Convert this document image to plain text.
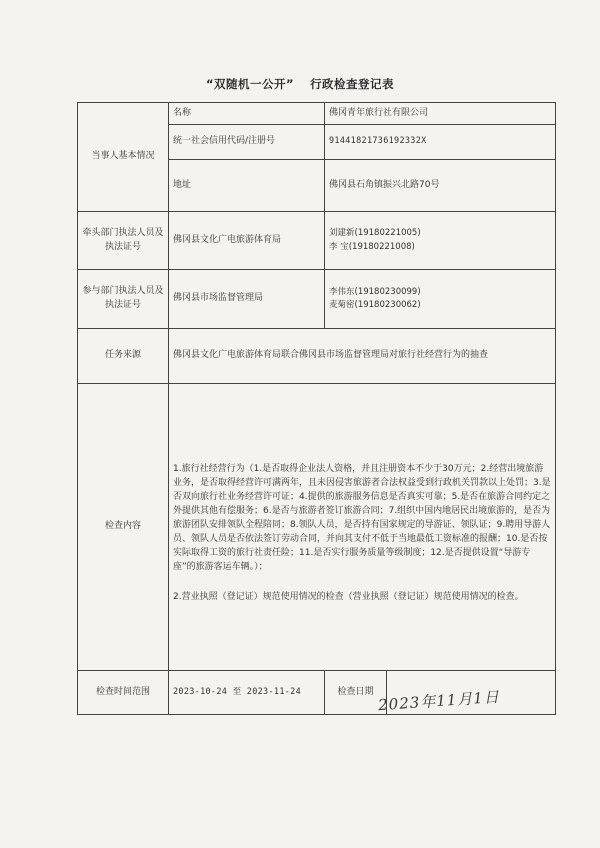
“双随机一公开” 行政检查登记表
当事人基本情况	名称	佛冈青年旅行社有限公司	
	统一社会信用代码/注册号	91441821736192332X	
	地址	佛冈县石角镇振兴北路70号	
牵头部门执法人员及执法证号	佛冈县文化广电旅游体育局	刘建新(19180221005)
李 宝(19180221008)	

参与部门执法人员及执法证号	佛冈县市场监督管理局	李伟东(19180230099)
麦菊密(19180230062)	

任务来源	佛冈县文化广电旅游体育局联合佛冈县市场监督管理局对旅行社经营行为的抽查		
检查内容	1.旅行社经营行为（1.是否取得企业法人资格，并且注册资本不少于30万元；2.经营出境旅游业务，是否取得经营许可满两年，且未因侵害旅游者合法权益受到行政机关罚款以上处罚；3.是否双向旅行社业务经营许可证；4.提供的旅游服务信息是否真实可靠；5.是否在旅游合同约定之外提供其他有偿服务；6.是否与旅游者签订旅游合同；7.组织中国内地居民出境旅游的，是否为旅游团队安排领队全程陪同；8.领队人员，是否持有国家规定的导游证、领队证；9.聘用导游人员、领队人员是否依法签订劳动合同，并向其支付不低于当地最低工资标准的报酬；10.是否按实际取得工资的旅行社责任险；11.是否实行服务质量等级制度；12.是否提供设置“导游专座”的旅游客运车辆。）；

2.营业执照（登记证）规范使用情况的检查（营业执照（登记证）规范使用情况的检查。		

检查时间范围	2023-10-24 至 2023-11-24	检查日期	2023年11月1日
